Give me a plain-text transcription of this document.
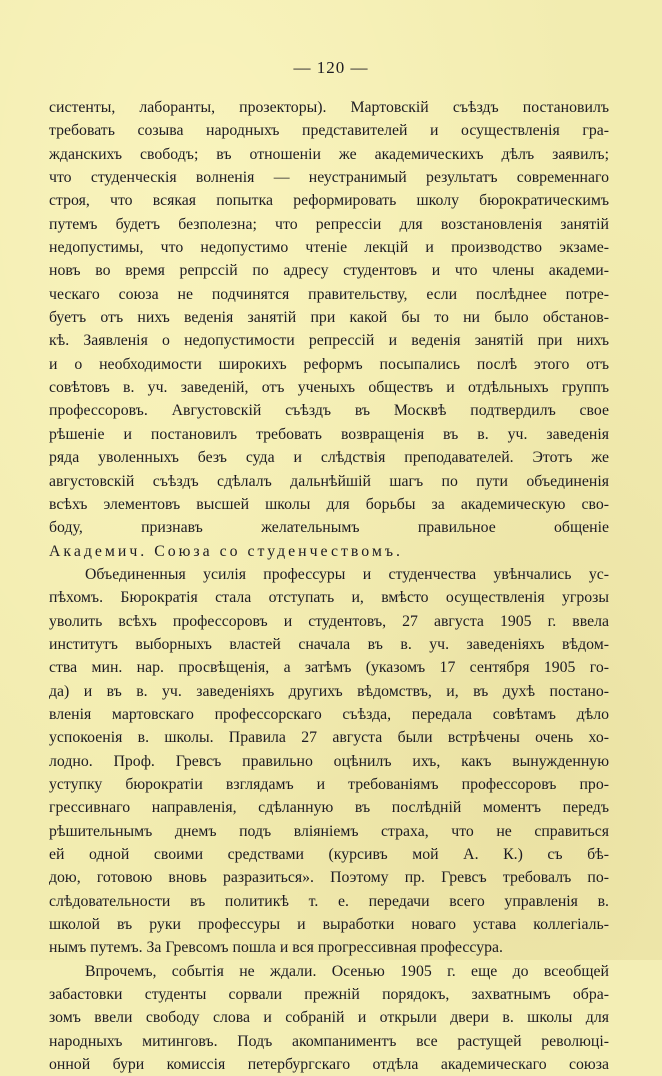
— 120 —
систенты, лаборанты, прозекторы). Мартовскій съѣздъ постановилъ
требовать созыва народныхъ представителей и осуществленія гра-
жданскихъ свободъ; въ отношеніи же академическихъ дѣлъ заявилъ;
что студенческія волненія — неустранимый результатъ современнаго
строя, что всякая попытка реформировать школу бюрократическимъ
путемъ будетъ безполезна; что репрессіи для возстановленія занятій
недопустимы, что недопустимо чтеніе лекцій и производство экзаме-
новъ во время репрссій по адресу студентовъ и что члены академи-
ческаго союза не подчинятся правительству, если послѣднее потре-
буетъ отъ нихъ веденія занятій при какой бы то ни было обстанов-
кѣ. Заявленія о недопустимости репрессій и веденія занятій при нихъ
и о необходимости широкихъ реформъ посыпались послѣ этого отъ
совѣтовъ в. уч. заведеній, отъ ученыхъ обществъ и отдѣльныхъ группъ
профессоровъ. Августовскій съѣздъ въ Москвѣ подтвердилъ свое
рѣшеніе и постановилъ требовать возвращенія въ в. уч. заведенія
ряда уволенныхъ безъ суда и слѣдствія преподавателей. Этотъ же
августовскій съѣздъ сдѣлалъ дальнѣйшій шагъ по пути объединенія
всѣхъ элементовъ высшей школы для борьбы за академическую сво-
боду, признавъ желательнымъ правильное общеніе
Академич. Союза со студенчествомъ.
Объединенныя усилія профессуры и студенчества увѣнчались ус-
пѣхомъ. Бюрократія стала отступать и, вмѣсто осуществленія угрозы
уволить всѣхъ профессоровъ и студентовъ, 27 августа 1905 г. ввела
институтъ выборныхъ властей сначала въ в. уч. заведеніяхъ вѣдом-
ства мин. нар. просвѣщенія, а затѣмъ (указомъ 17 сентября 1905 го-
да) и въ в. уч. заведеніяхъ другихъ вѣдомствъ, и, въ духѣ постано-
вленія мартовскаго профессорскаго съѣзда, передала совѣтамъ дѣло
успокоенія в. школы. Правила 27 августа были встрѣчены очень хо-
лодно. Проф. Гревсъ правильно оцѣнилъ ихъ, какъ вынужденную
уступку бюрократіи взглядамъ и требованіямъ профессоровъ про-
грессивнаго направленія, сдѣланную въ послѣдній моментъ передъ
рѣшительнымъ днемъ подъ вліяніемъ страха, что не справиться
ей одной своими средствами (курсивъ мой А. К.) съ бѣ-
дою, готовою вновь разразиться». Поэтому пр. Гревсъ требовалъ по-
слѣдовательности въ политикѣ т. е. передачи всего управленія в.
школой въ руки профессуры и выработки новаго устава коллегіаль-
нымъ путемъ. За Гревсомъ пошла и вся прогрессивная профессура.
Впрочемъ, событія не ждали. Осенью 1905 г. еще до всеобщей
забастовки студенты сорвали прежній порядокъ, захватнымъ обра-
зомъ ввели свободу слова и собраній и открыли двери в. школы для
народныхъ митинговъ. Подъ акомпаниментъ все растущей революці-
онной бури комиссія петербургскаго отдѣла академическаго союза
